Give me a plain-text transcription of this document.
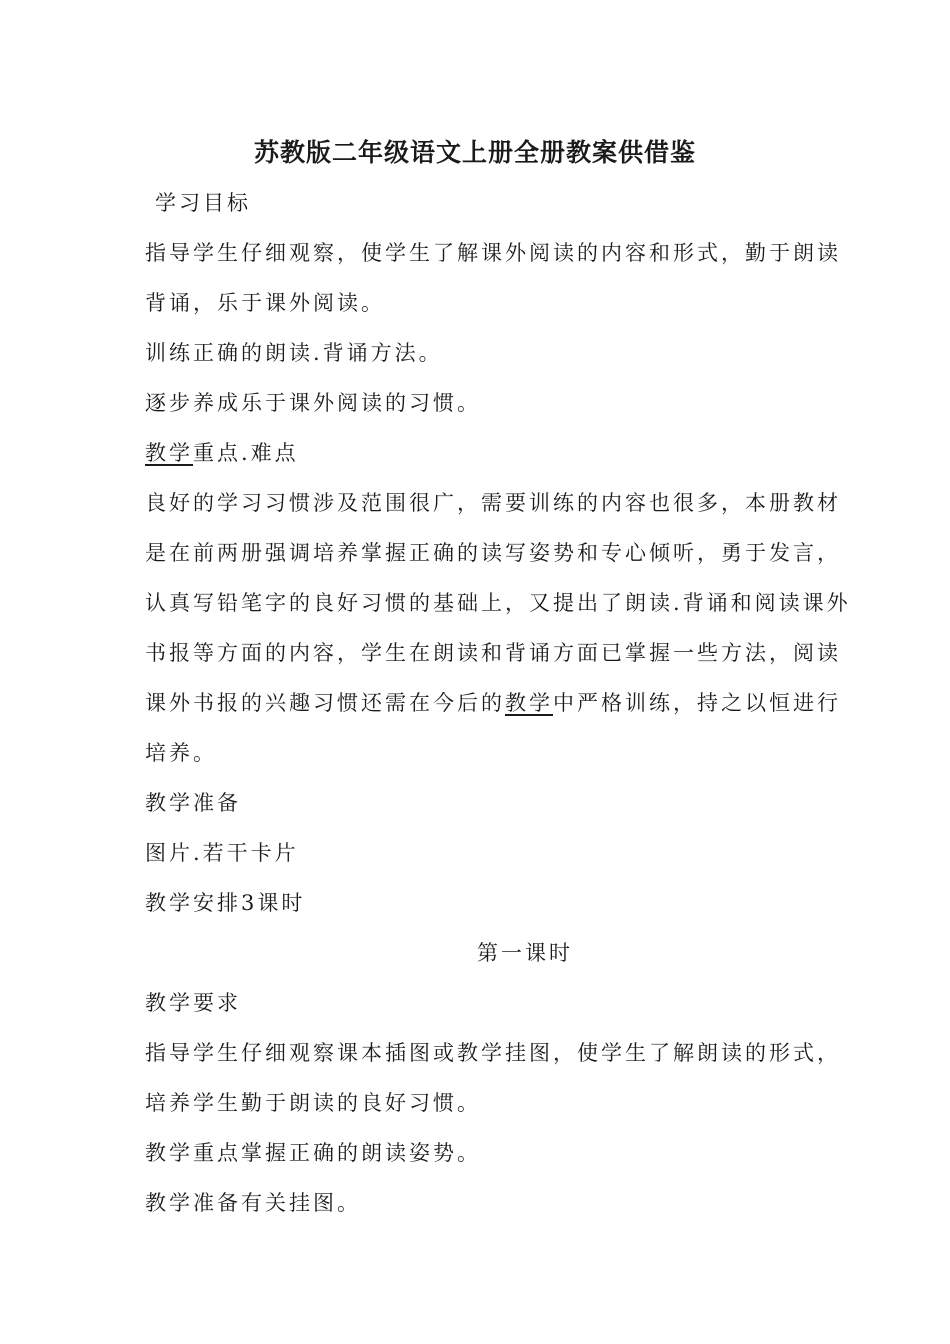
苏教版二年级语文上册全册教案供借鉴
学习目标
指导学生仔细观察，使学生了解课外阅读的内容和形式，勤于朗读
背诵，乐于课外阅读。
训练正确的朗读.背诵方法。
逐步养成乐于课外阅读的习惯。
教学重点.难点
良好的学习习惯涉及范围很广，需要训练的内容也很多，本册教材
是在前两册强调培养掌握正确的读写姿势和专心倾听，勇于发言，
认真写铅笔字的良好习惯的基础上，又提出了朗读.背诵和阅读课外
书报等方面的内容，学生在朗读和背诵方面已掌握一些方法，阅读
课外书报的兴趣习惯还需在今后的教学中严格训练，持之以恒进行
培养。
教学准备
图片.若干卡片
教学安排3课时
第一课时
教学要求
指导学生仔细观察课本插图或教学挂图，使学生了解朗读的形式，
培养学生勤于朗读的良好习惯。
教学重点掌握正确的朗读姿势。
教学准备有关挂图。
